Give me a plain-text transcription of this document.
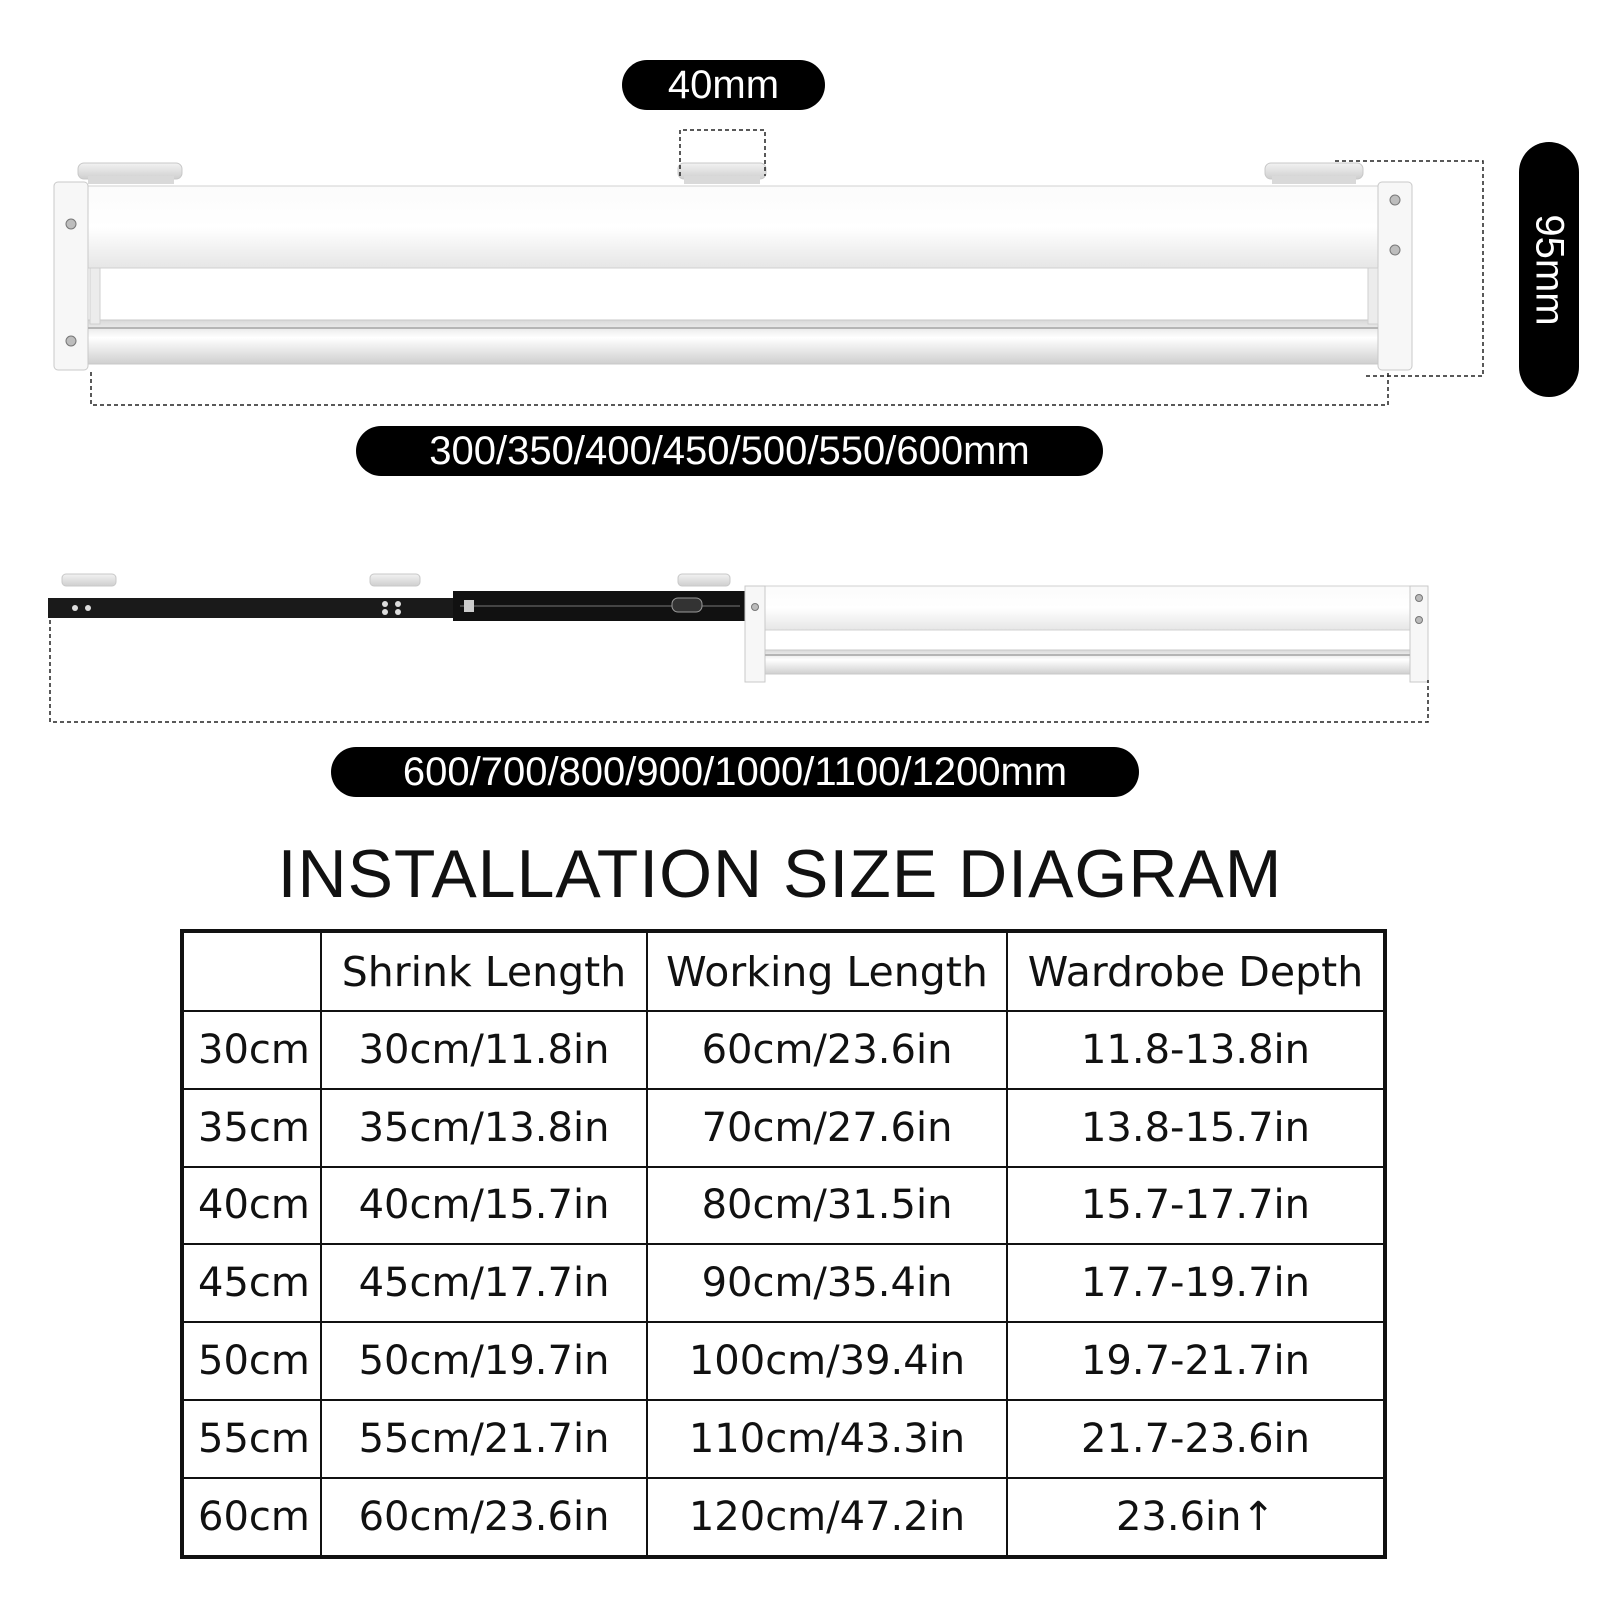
40mm
95mm
300/350/400/450/500/550/600mm
600/700/800/900/1000/1100/1200mm
INSTALLATION SIZE DIAGRAM
	Shrink Length	Working Length	Wardrobe Depth
30cm	30cm/11.8in	60cm/23.6in	11.8-13.8in
35cm	35cm/13.8in	70cm/27.6in	13.8-15.7in
40cm	40cm/15.7in	80cm/31.5in	15.7-17.7in
45cm	45cm/17.7in	90cm/35.4in	17.7-19.7in
50cm	50cm/19.7in	100cm/39.4in	19.7-21.7in
55cm	55cm/21.7in	110cm/43.3in	21.7-23.6in
60cm	60cm/23.6in	120cm/47.2in	23.6in↑
